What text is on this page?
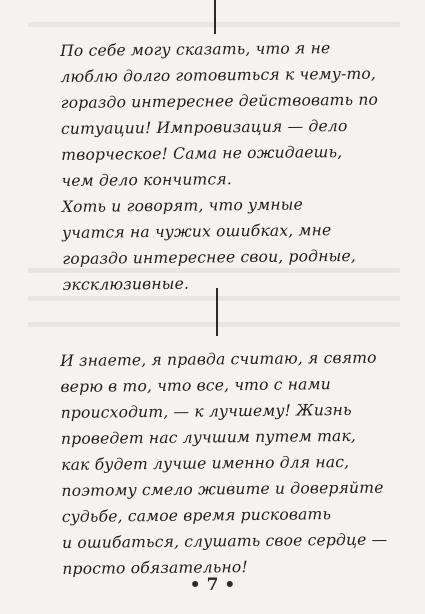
По себе могу сказать, что я не
люблю долго готовиться к чему-то,
гораздо интереснее действовать по
ситуации! Импровизация — дело
творческое! Сама не ожидаешь,
чем дело кончится.
Хоть и говорят, что умные
учатся на чужих ошибках, мне
гораздо интереснее свои, родные,
эксклюзивные.
И знаете, я правда считаю, я свято
верю в то, что все, что с нами
происходит, — к лучшему! Жизнь
проведет нас лучшим путем так,
как будет лучше именно для нас,
поэтому смело живите и доверяйте
судьбе, самое время рисковать
и ошибаться, слушать свое сердце —
просто обязательно!
• 7 •
